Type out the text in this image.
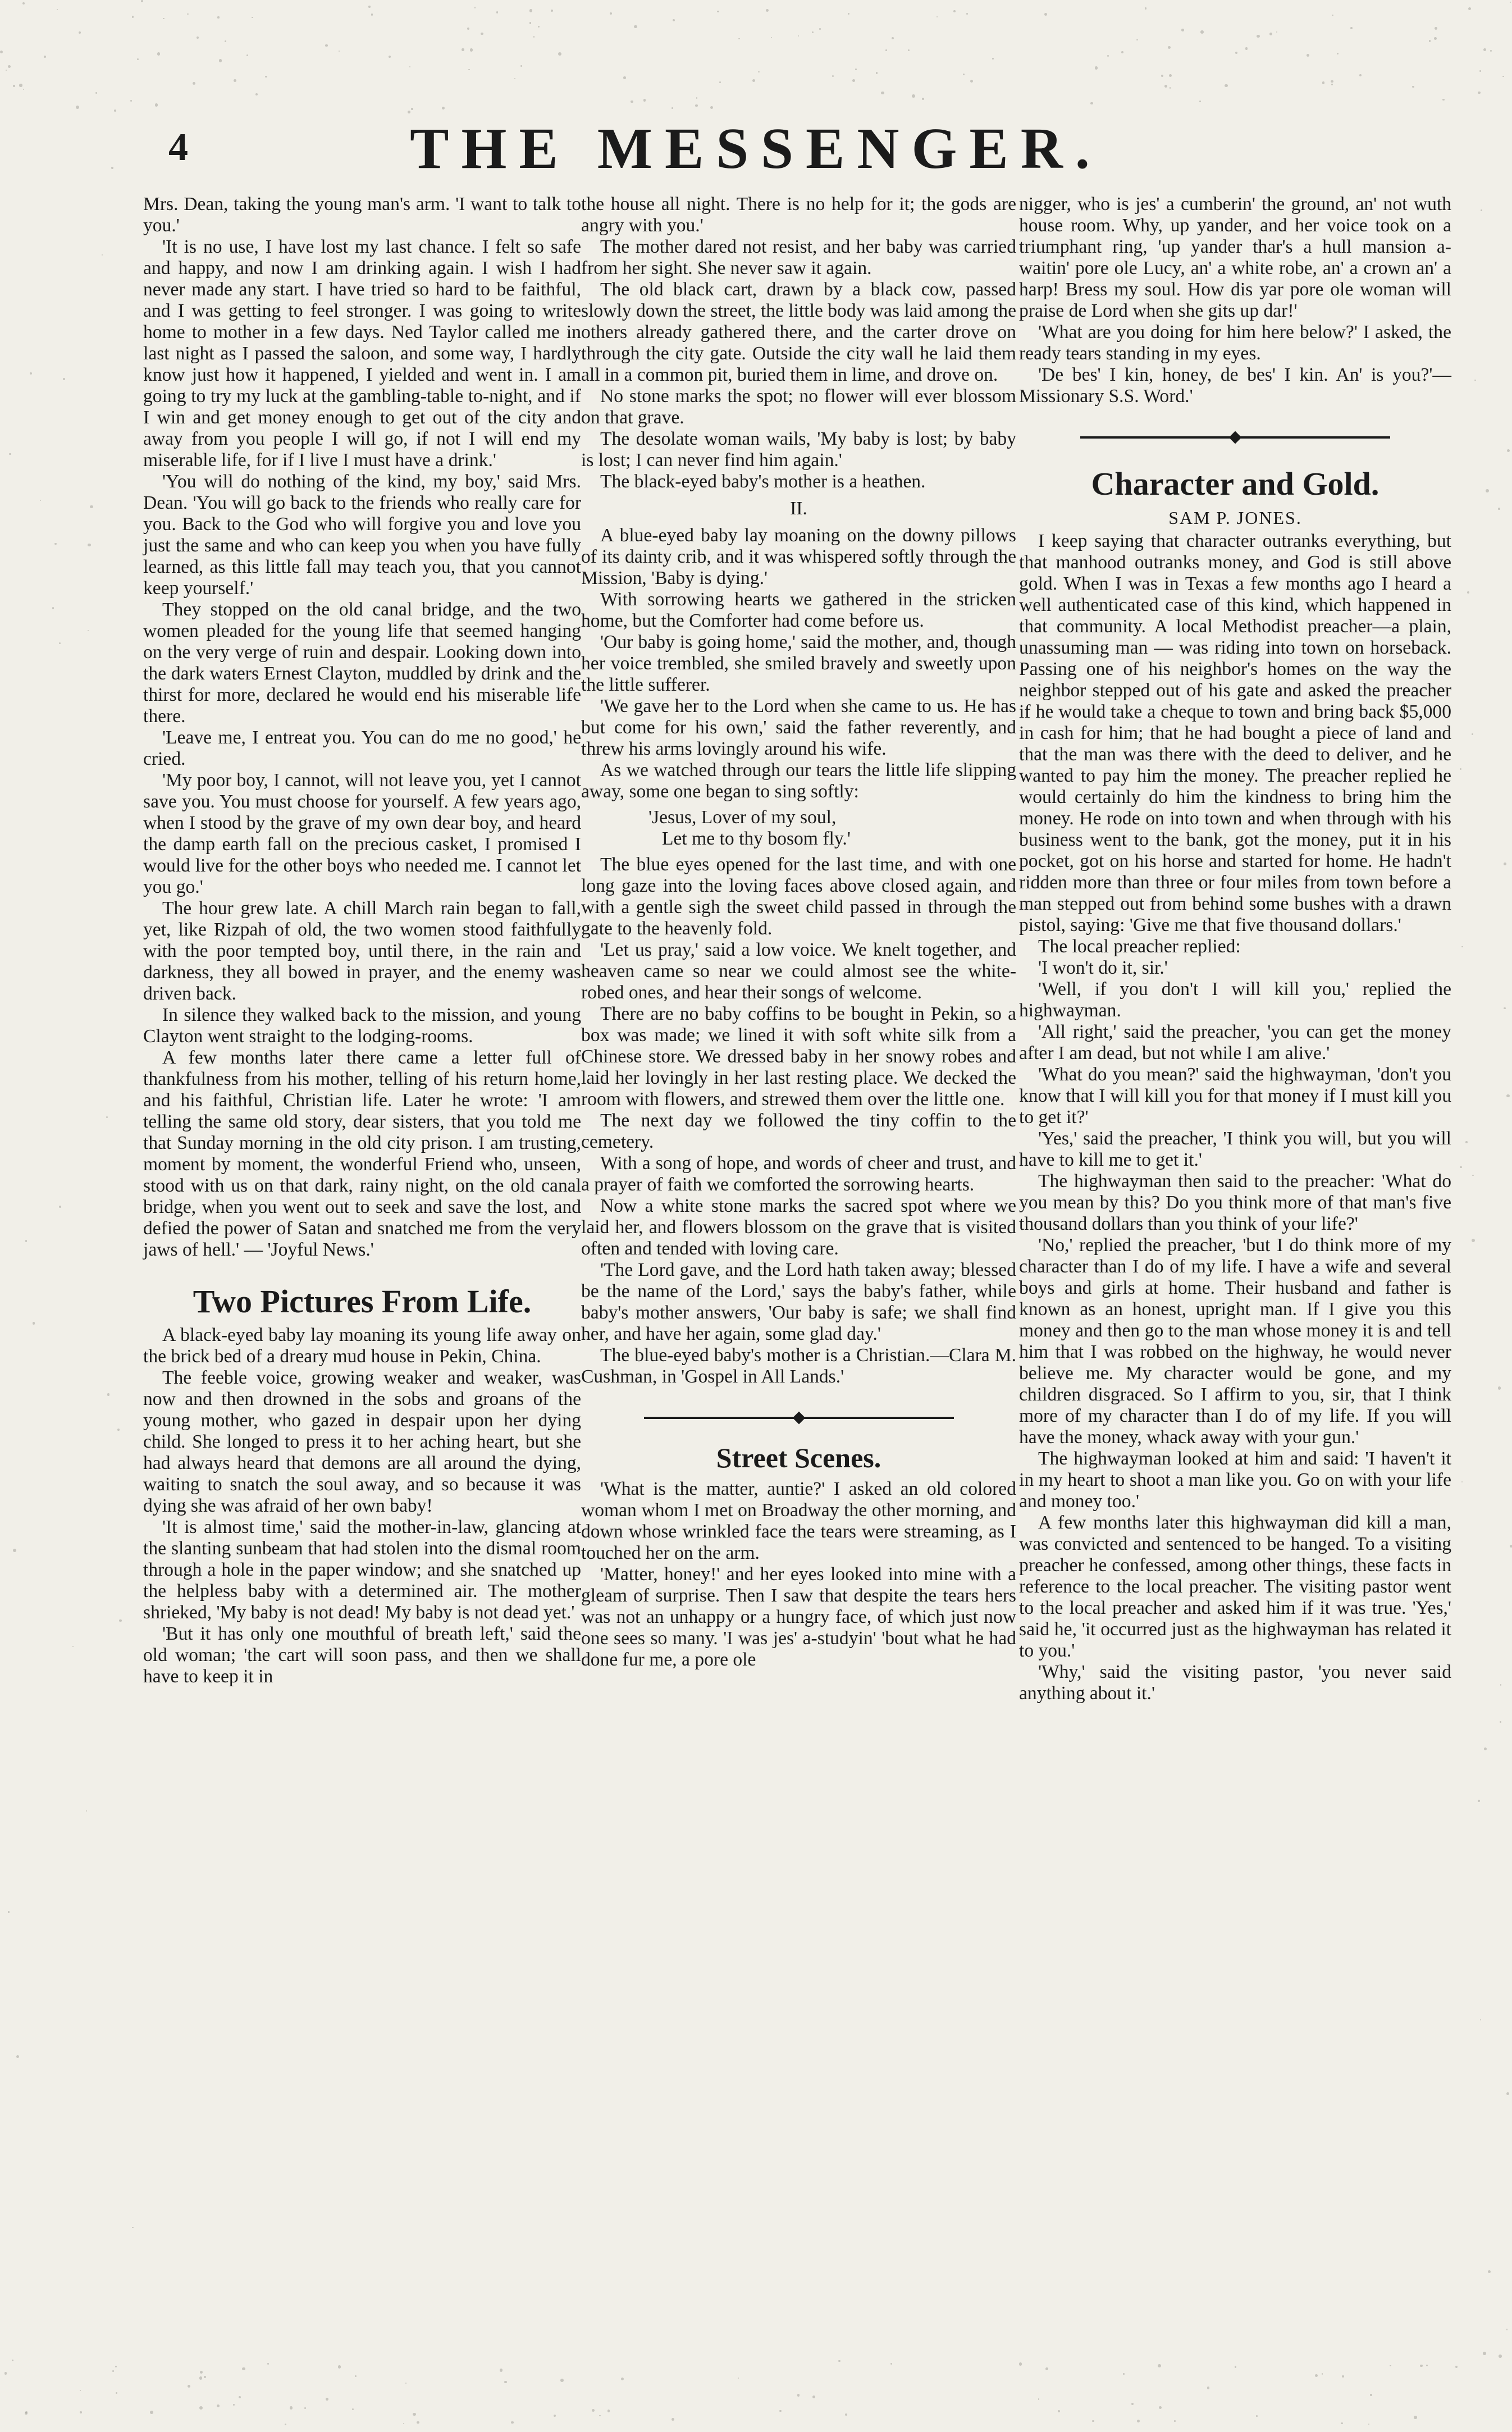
4	THE MESSENGER.

Mrs. Dean, taking the young man's arm. 'I want to talk to you.'

'It is no use, I have lost my last chance. I felt so safe and happy, and now I am drinking again. I wish I had never made any start. I have tried so hard to be faithful, and I was getting to feel stronger. I was going to write home to mother in a few days. Ned Taylor called me in last night as I passed the saloon, and some way, I hardly know just how it happened, I yielded and went in. I am going to try my luck at the gambling-table to-night, and if I win and get money enough to get out of the city and away from you people I will go, if not I will end my miserable life, for if I live I must have a drink.'

'You will do nothing of the kind, my boy,' said Mrs. Dean. 'You will go back to the friends who really care for you. Back to the God who will forgive you and love you just the same and who can keep you when you have fully learned, as this little fall may teach you, that you cannot keep yourself.'

They stopped on the old canal bridge, and the two women pleaded for the young life that seemed hanging on the very verge of ruin and despair. Looking down into the dark waters Ernest Clayton, muddled by drink and the thirst for more, declared he would end his miserable life there.

'Leave me, I entreat you. You can do me no good,' he cried.

'My poor boy, I cannot, will not leave you, yet I cannot save you. You must choose for yourself. A few years ago, when I stood by the grave of my own dear boy, and heard the damp earth fall on the precious casket, I promised I would live for the other boys who needed me. I cannot let you go.'

The hour grew late. A chill March rain began to fall, yet, like Rizpah of old, the two women stood faithfully with the poor tempted boy, until there, in the rain and darkness, they all bowed in prayer, and the enemy was driven back.

In silence they walked back to the mission, and young Clayton went straight to the lodging-rooms.

A few months later there came a letter full of thankfulness from his mother, telling of his return home, and his faithful, Christian life. Later he wrote: 'I am telling the same old story, dear sisters, that you told me that Sunday morning in the old city prison. I am trusting, moment by moment, the wonderful Friend who, unseen, stood with us on that dark, rainy night, on the old canal bridge, when you went out to seek and save the lost, and defied the power of Satan and snatched me from the very jaws of hell.' — 'Joyful News.'

Two Pictures From Life.

A black-eyed baby lay moaning its young life away on the brick bed of a dreary mud house in Pekin, China.

The feeble voice, growing weaker and weaker, was now and then drowned in the sobs and groans of the young mother, who gazed in despair upon her dying child. She longed to press it to her aching heart, but she had always heard that demons are all around the dying, waiting to snatch the soul away, and so because it was dying she was afraid of her own baby!

'It is almost time,' said the mother-in-law, glancing at the slanting sunbeam that had stolen into the dismal room through a hole in the paper window; and she snatched up the helpless baby with a determined air. The mother shrieked, 'My baby is not dead! My baby is not dead yet.'

'But it has only one mouthful of breath left,' said the old woman; 'the cart will soon pass, and then we shall have to keep it in

the house all night. There is no help for it; the gods are angry with you.'

The mother dared not resist, and her baby was carried from her sight. She never saw it again.

The old black cart, drawn by a black cow, passed slowly down the street, the little body was laid among the others already gathered there, and the carter drove on through the city gate. Outside the city wall he laid them all in a common pit, buried them in lime, and drove on.

No stone marks the spot; no flower will ever blossom on that grave.

The desolate woman wails, 'My baby is lost; by baby is lost; I can never find him again.'

The black-eyed baby's mother is a heathen.

II.

A blue-eyed baby lay moaning on the downy pillows of its dainty crib, and it was whispered softly through the Mission, 'Baby is dying.'

With sorrowing hearts we gathered in the stricken home, but the Comforter had come before us.

'Our baby is going home,' said the mother, and, though her voice trembled, she smiled bravely and sweetly upon the little sufferer.

'We gave her to the Lord when she came to us. He has but come for his own,' said the father reverently, and threw his arms lovingly around his wife.

As we watched through our tears the little life slipping away, some one began to sing softly:

'Jesus, Lover of my soul,
Let me to thy bosom fly.'

The blue eyes opened for the last time, and with one long gaze into the loving faces above closed again, and with a gentle sigh the sweet child passed in through the gate to the heavenly fold.

'Let us pray,' said a low voice. We knelt together, and heaven came so near we could almost see the white-robed ones, and hear their songs of welcome.

There are no baby coffins to be bought in Pekin, so a box was made; we lined it with soft white silk from a Chinese store. We dressed baby in her snowy robes and laid her lovingly in her last resting place. We decked the room with flowers, and strewed them over the little one.

The next day we followed the tiny coffin to the cemetery.

With a song of hope, and words of cheer and trust, and a prayer of faith we comforted the sorrowing hearts.

Now a white stone marks the sacred spot where we laid her, and flowers blossom on the grave that is visited often and tended with loving care.

'The Lord gave, and the Lord hath taken away; blessed be the name of the Lord,' says the baby's father, while baby's mother answers, 'Our baby is safe; we shall find her, and have her again, some glad day.'

The blue-eyed baby's mother is a Christian.—Clara M. Cushman, in 'Gospel in All Lands.'

Street Scenes.

'What is the matter, auntie?' I asked an old colored woman whom I met on Broadway the other morning, and down whose wrinkled face the tears were streaming, as I touched her on the arm.

'Matter, honey!' and her eyes looked into mine with a gleam of surprise. Then I saw that despite the tears hers was not an unhappy or a hungry face, of which just now one sees so many. 'I was jes' a-studyin' 'bout what he had done fur me, a pore ole

nigger, who is jes' a cumberin' the ground, an' not wuth house room. Why, up yander, and her voice took on a triumphant ring, 'up yander thar's a hull mansion a-waitin' pore ole Lucy, an' a white robe, an' a crown an' a harp! Bress my soul. How dis yar pore ole woman will praise de Lord when she gits up dar!'

'What are you doing for him here below?' I asked, the ready tears standing in my eyes.

'De bes' I kin, honey, de bes' I kin. An' is you?'—Missionary S.S. Word.'

Character and Gold.
SAM P. JONES.

I keep saying that character outranks everything, but that manhood outranks money, and God is still above gold. When I was in Texas a few months ago I heard a well authenticated case of this kind, which happened in that community. A local Methodist preacher—a plain, unassuming man — was riding into town on horseback. Passing one of his neighbor's homes on the way the neighbor stepped out of his gate and asked the preacher if he would take a cheque to town and bring back $5,000 in cash for him; that he had bought a piece of land and that the man was there with the deed to deliver, and he wanted to pay him the money. The preacher replied he would certainly do him the kindness to bring him the money. He rode on into town and when through with his business went to the bank, got the money, put it in his pocket, got on his horse and started for home. He hadn't ridden more than three or four miles from town before a man stepped out from behind some bushes with a drawn pistol, saying: 'Give me that five thousand dollars.'

The local preacher replied:

'I won't do it, sir.'

'Well, if you don't I will kill you,' replied the highwayman.

'All right,' said the preacher, 'you can get the money after I am dead, but not while I am alive.'

'What do you mean?' said the highwayman, 'don't you know that I will kill you for that money if I must kill you to get it?'

'Yes,' said the preacher, 'I think you will, but you will have to kill me to get it.'

The highwayman then said to the preacher: 'What do you mean by this? Do you think more of that man's five thousand dollars than you think of your life?'

'No,' replied the preacher, 'but I do think more of my character than I do of my life. I have a wife and several boys and girls at home. Their husband and father is known as an honest, upright man. If I give you this money and then go to the man whose money it is and tell him that I was robbed on the highway, he would never believe me. My character would be gone, and my children disgraced. So I affirm to you, sir, that I think more of my character than I do of my life. If you will have the money, whack away with your gun.'

The highwayman looked at him and said: 'I haven't it in my heart to shoot a man like you. Go on with your life and money too.'

A few months later this highwayman did kill a man, was convicted and sentenced to be hanged. To a visiting preacher he confessed, among other things, these facts in reference to the local preacher. The visiting pastor went to the local preacher and asked him if it was true. 'Yes,' said he, 'it occurred just as the highwayman has related it to you.'

'Why,' said the visiting pastor, 'you never said anything about it.'
